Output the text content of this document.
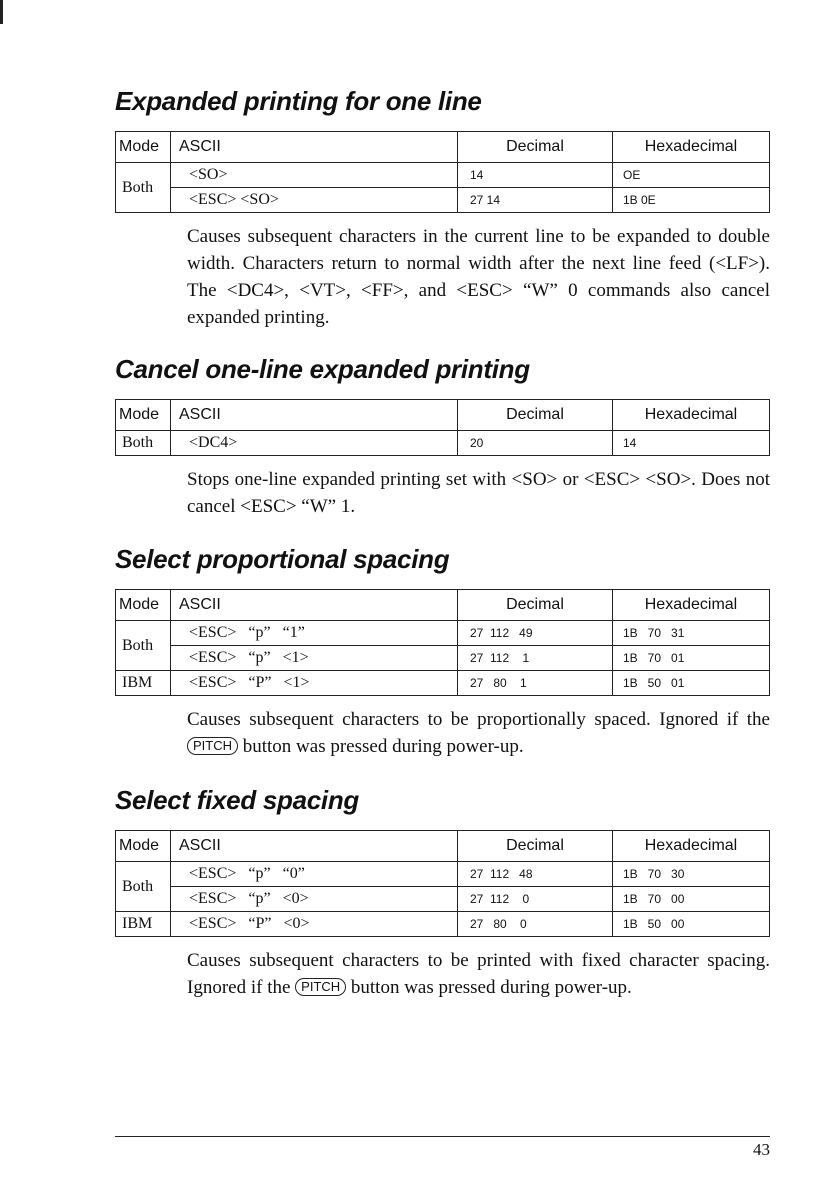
Expanded printing for one line
Mode	ASCII	Decimal	Hexadecimal
Both	<SO>	14	OE
	<ESC> <SO>	27 14	1B 0E

Causes subsequent characters in the current line to be expanded to double width. Characters return to normal width after the next line feed (<LF>). The <DC4>, <VT>, <FF>, and <ESC> “W” 0 commands also cancel expanded printing.

Cancel one-line expanded printing
Mode	ASCII	Decimal	Hexadecimal
Both	<DC4>	20	14

Stops one-line expanded printing set with <SO> or <ESC> <SO>. Does not cancel <ESC> “W” 1.

Select proportional spacing
Mode	ASCII	Decimal	Hexadecimal
Both	<ESC>   “p”   “1”	27  112   49	1B   70   31
	<ESC>   “p”   <1>	27  112    1	1B   70   01
IBM	<ESC>   “P”   <1>	27   80    1	1B   50   01

Causes subsequent characters to be proportionally spaced. Ignored if the PITCH button was pressed during power-up.

Select fixed spacing
Mode	ASCII	Decimal	Hexadecimal
Both	<ESC>   “p”   “0”	27  112   48	1B   70   30
	<ESC>   “p”   <0>	27  112    0	1B   70   00
IBM	<ESC>   “P”   <0>	27   80    0	1B   50   00

Causes subsequent characters to be printed with fixed character spacing. Ignored if the PITCH button was pressed during power-up.

43
